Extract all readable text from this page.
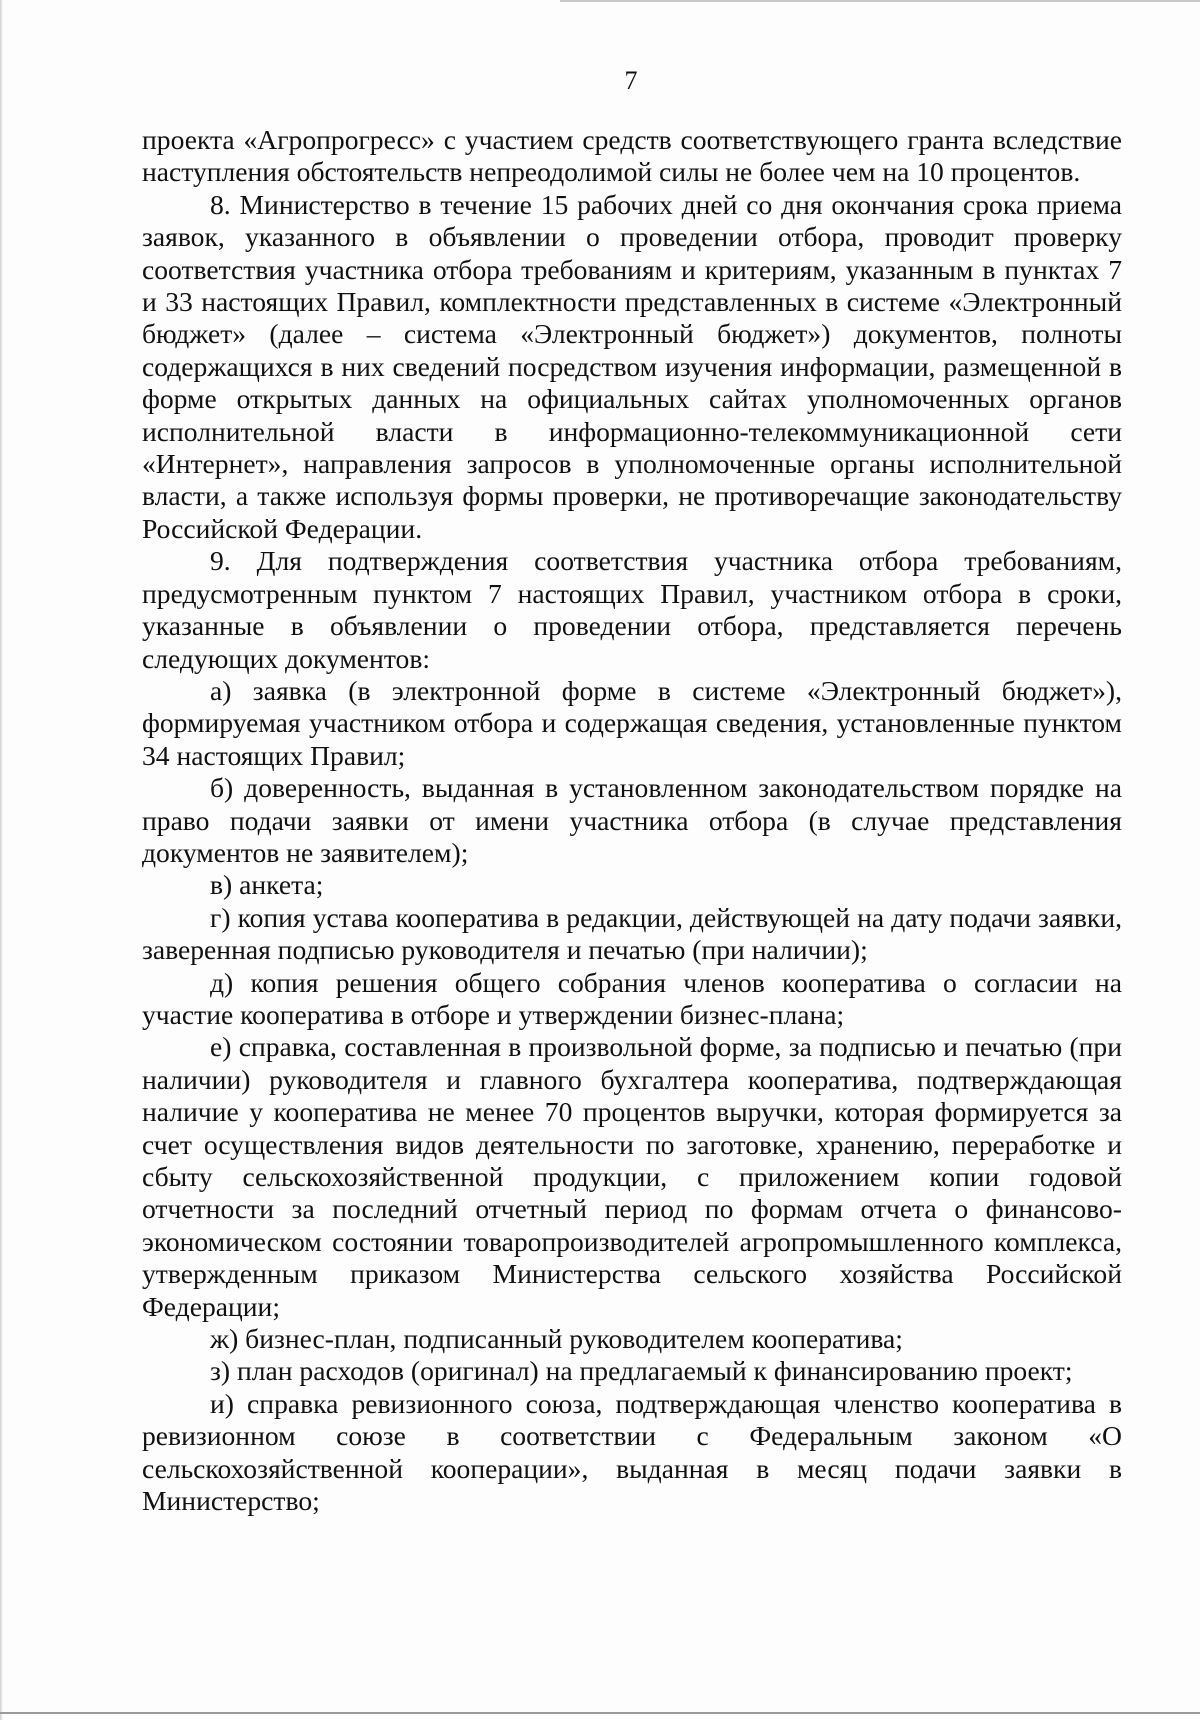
7

проекта «Агропрогресс» с участием средств соответствующего гранта вследствие наступления обстоятельств непреодолимой силы не более чем на 10 процентов.

8. Министерство в течение 15 рабочих дней со дня окончания срока приема заявок, указанного в объявлении о проведении отбора, проводит проверку соответствия участника отбора требованиям и критериям, указанным в пунктах 7 и 33 настоящих Правил, комплектности представленных в системе «Электронный бюджет» (далее – система «Электронный бюджет») документов, полноты содержащихся в них сведений посредством изучения информации, размещенной в форме открытых данных на официальных сайтах уполномоченных органов исполнительной власти в информационно-телекоммуникационной сети «Интернет», направления запросов в уполномоченные органы исполнительной власти, а также используя формы проверки, не противоречащие законодательству Российской Федерации.

9. Для подтверждения соответствия участника отбора требованиям, предусмотренным пунктом 7 настоящих Правил, участником отбора в сроки, указанные в объявлении о проведении отбора, представляется перечень следующих документов:

а) заявка (в электронной форме в системе «Электронный бюджет»), формируемая участником отбора и содержащая сведения, установленные пунктом 34 настоящих Правил;

б) доверенность, выданная в установленном законодательством порядке на право подачи заявки от имени участника отбора (в случае представления документов не заявителем);

в) анкета;

г) копия устава кооператива в редакции, действующей на дату подачи заявки, заверенная подписью руководителя и печатью (при наличии);

д) копия решения общего собрания членов кооператива о согласии на участие кооператива в отборе и утверждении бизнес-плана;

е) справка, составленная в произвольной форме, за подписью и печатью (при наличии) руководителя и главного бухгалтера кооператива, подтверждающая наличие у кооператива не менее 70 процентов выручки, которая формируется за счет осуществления видов деятельности по заготовке, хранению, переработке и сбыту сельскохозяйственной продукции, с приложением копии годовой отчетности за последний отчетный период по формам отчета о финансово-экономическом состоянии товаропроизводителей агропромышленного комплекса, утвержденным приказом Министерства сельского хозяйства Российской Федерации;

ж) бизнес-план, подписанный руководителем кооператива;

з) план расходов (оригинал) на предлагаемый к финансированию проект;

и) справка ревизионного союза, подтверждающая членство кооператива в ревизионном союзе в соответствии с Федеральным законом «О сельскохозяйственной кооперации», выданная в месяц подачи заявки в Министерство;
